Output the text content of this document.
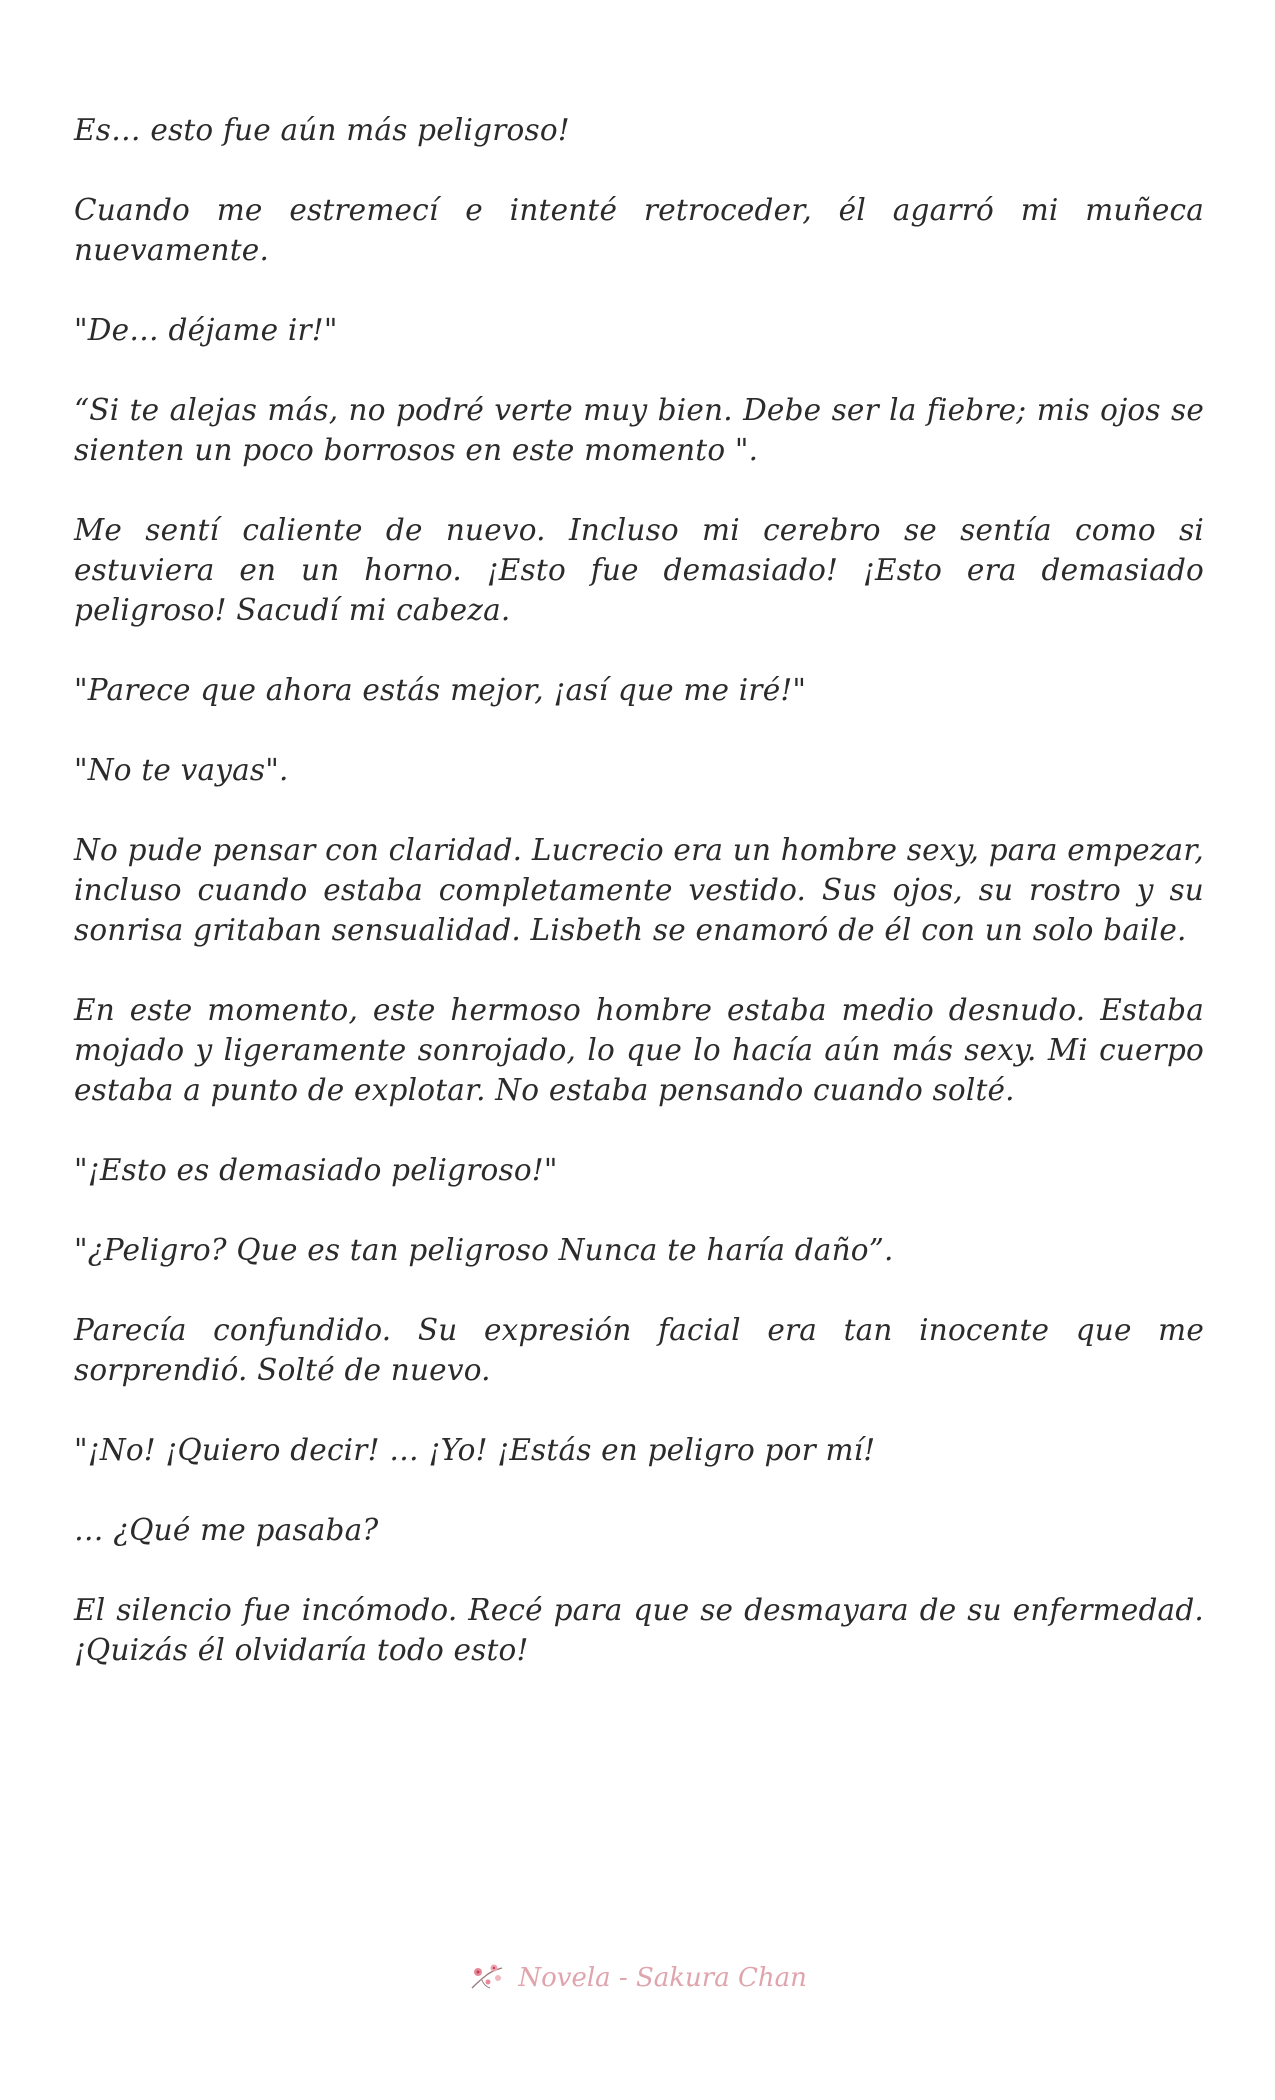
Es… esto fue aún más peligroso!

Cuando me estremecí e intenté retroceder, él agarró mi muñeca nuevamente.

"De… déjame ir!"

“Si te alejas más, no podré verte muy bien. Debe ser la fiebre; mis ojos se sienten un poco borrosos en este momento ".

Me sentí caliente de nuevo. Incluso mi cerebro se sentía como si estuviera en un horno. ¡Esto fue demasiado! ¡Esto era demasiado peligroso! Sacudí mi cabeza.

"Parece que ahora estás mejor, ¡así que me iré!"

"No te vayas".

No pude pensar con claridad. Lucrecio era un hombre sexy, para empezar, incluso cuando estaba completamente vestido. Sus ojos, su rostro y su sonrisa gritaban sensualidad. Lisbeth se enamoró de él con un solo baile.

En este momento, este hermoso hombre estaba medio desnudo. Estaba mojado y ligeramente sonrojado, lo que lo hacía aún más sexy. Mi cuerpo estaba a punto de explotar. No estaba pensando cuando solté.

"¡Esto es demasiado peligroso!"

"¿Peligro? Que es tan peligroso Nunca te haría daño”.

Parecía confundido. Su expresión facial era tan inocente que me sorprendió. Solté de nuevo.

"¡No! ¡Quiero decir! … ¡Yo! ¡Estás en peligro por mí!

… ¿Qué me pasaba?

El silencio fue incómodo. Recé para que se desmayara de su enfermedad. ¡Quizás él olvidaría todo esto!

Novela - Sakura Chan
